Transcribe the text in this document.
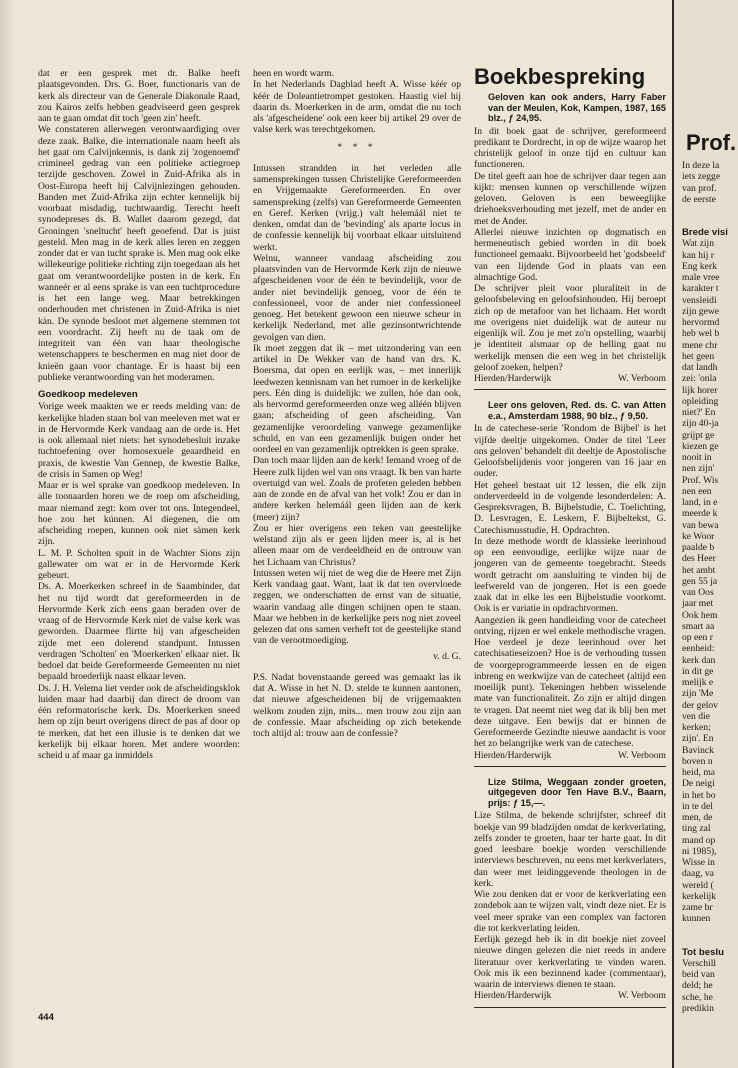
dat er een gesprek met dr. Balke heeft plaatsgevonden. Drs. G. Boer, functionaris van de kerk als directeur van de Generale Diakonale Raad, zou Kairos zelfs hebben geadviseerd geen gesprek aan te gaan omdat dit toch 'geen zin' heeft.

We constateren allerwegen verontwaardiging over deze zaak. Balke, die internationale naam heeft als het gaat om Calvijnkennis, is dank zij 'zogenoemd' crimineel gedrag van een politieke actiegroep terzijde geschoven. Zowel in Zuid-Afrika als in Oost-Europa heeft hij Calvijnlezingen gehouden. Banden met Zuid-Afrika zijn echter kennelijk bij voorbaat misdadig, tuchtwaardig. Terecht heeft synodepreses ds. B. Wallet daarom gezegd, dat Groningen 'sneltucht' heeft geoefend. Dat is juist gesteld. Men mag in de kerk alles leren en zeggen zonder dat er van tucht sprake is. Men mag ook elke willekeurige politieke richting zijn toegedaan als het gaat om verantwoordelijke posten in de kerk. En wanneér er al eens sprake is van een tuchtprocedure is het een lange weg. Maar betrekkingen onderhouden met christenen in Zuid-Afrika is niet kàn. De synode besloot met algemene stemmen tot een voordracht. Zij heeft nu de taak om de integriteit van één van haar theologische wetenschappers te beschermen en mag niet door de knieën gaan voor chantage. Er is haast bij een publieke verantwoording van het moderamen.

Goedkoop medeleven

Vorige week maakten we er reeds melding van: de kerkelijke bladen staan bol van meeleven met wat er in de Hervormde Kerk vandaag aan de orde is. Het is ook allemaal niet niets: het synodebesluit inzake tuchtoefening over homosexuele geaardheid en praxis, de kwestie Van Gennep, de kwestie Balke, de crisis in Samen op Weg!

Maar er is wel sprake van goedkoop medeleven. In alle toonaarden horen we de roep om afscheiding, maar niemand zegt: kom over tot ons. Integendeel, hoe zou het kúnnen. Al diegenen, die om afscheiding roepen, kunnen ook niet sàmen kerk zijn.

L. M. P. Scholten spuit in de Wachter Sions zijn gallewater om wat er in de Hervormde Kerk gebeurt.

Ds. A. Moerkerken schreef in de Saambinder, dat het nu tijd wordt dat gereformeerden in de Hervormde Kerk zich eens gaan beraden over de vraag of de Hervormde Kerk niet de valse kerk was geworden. Daarmee flirtte hij van afgescheiden zijde met een dolerend standpunt. Intussen verdragen 'Scholten' en 'Moerkerken' elkaar niet. Ik bedoel dat beide Gereformeerde Gemeenten nu niet bepaald broederlijk naast elkaar leven.

Ds. J. H. Velema liet verder ook de afscheidingsklok luiden maar had daarbij dan direct de droom van één reformatorische kerk. Ds. Moerkerken sneed hem op zijn beurt overigens direct de pas af door op te merken, dat het een illusie is te denken dat we kerkelijk bij elkaar horen. Met andere woorden: scheid u af maar ga inmiddels

heen en wordt warm.

In het Nederlands Dagblad heeft A. Wisse kéér op kéér de Doleantietrompet gestoken. Haastig viel hij daarin ds. Moerkerken in de arm, omdat die nu toch als 'afgescheidene' ook een keer bij artikel 29 over de valse kerk was terechtgekomen.

* * *

Intussen strandden in het verleden alle samensprekingen tussen Christelijke Gereformeerden en Vrijgemaakte Gereformeerden. En over samenspreking (zelfs) van Gereformeerde Gemeenten en Geref. Kerken (vrijg.) valt helemáál niet te denken, omdat dan de 'bevinding' als aparte locus in de confessie kennelijk bij voorbaat elkaar uitsluitend werkt.

Welnu, wanneer vandaag afscheiding zou plaatsvinden van de Hervormde Kerk zijn de nieuwe afgescheidenen voor de één te bevindelijk, voor de ander niet bevindelijk genoeg, voor de één te confessioneel, voor de ander niet confessioneel genoeg. Het betekent gewoon een nieuwe scheur in kerkelijk Nederland, met alle gezinsontwrichtende gevolgen van dien.

Ik moet zeggen dat ik – met uitzondering van een artikel in De Wekker van de hand van drs. K. Boersma, dat open en eerlijk was, – met innerlijk leedwezen kennisnam van het rumoer in de kerkelijke pers. Eén ding is duidelijk: we zullen, hóe dan ook, als hervormd gereformeerden onze weg alléén blijven gaan; afscheiding of geen afscheiding. Van gezamenlijke veroordeling vanwege gezamenlijke schuld, en van een gezamenlijk buigen onder het oordeel en van gezamenlijk optrekken is geen sprake.

Dan toch maar lijden aan de kerk! Iemand vroeg of de Heere zulk lijden wel van ons vraagt. Ik ben van harte overtuigd van wel. Zoals de profeten geleden hebben aan de zonde en de afval van het volk! Zou er dan in andere kerken helemáál geen lijden aan de kerk (meer) zijn?

Zou er hier overigens een teken van geestelijke welstand zijn als er geen lijden meer is, al is het alleen maar om de verdeeldheid en de ontrouw van het Lichaam van Christus?

Intussen weten wij niet de weg die de Heere met Zijn Kerk vandaag gaat. Want, laat ik dat ten overvloede zeggen, we onderschatten de ernst van de situatie, waarin vandaag alle dingen schijnen open te staan. Maar we hebben in de kerkelijke pers nog niet zoveel gelezen dat ons samen verheft tot de geestelijke stand van de verootmoediging.

v. d. G.

P.S. Nadat bovenstaande gereed was gemaakt las ik dat A. Wisse in het N. D. stelde te kunnen aantonen, dat nieuwe afgescheidenen bij de vrijgemaakten welkom zouden zijn, mits... men trouw zou zijn aan de confessie. Maar afscheiding op zich betekende toch altijd al: trouw aan de confessie?

Boekbespreking
Geloven kan ook anders, Harry Faber van der Meulen, Kok, Kampen, 1987, 165 blz., ƒ 24,95.

In dit boek gaat de schrijver, gereformeerd predikant te Dordrecht, in op de wijze waarop het christelijk geloof in onze tijd en cultuur kan functioneren.

De titel geeft aan hoe de schrijver daar tegen aan kijkt: mensen kunnen op verschillende wijzen geloven. Geloven is een beweeglijke driehoeksverhouding met jezelf, met de ander en met de Ander.

Allerlei nieuwe inzichten op dogmatisch en hermeneutisch gebied worden in dit boek functioneel gemaakt. Bijvoorbeeld het 'godsbeeld' van een lijdende God in plaats van een almachtige God.

De schrijver pleit voor pluraliteit in de geloofsbeleving en geloofsinhouden. Hij beroept zich op de metafoor van het lichaam. Het wordt me overigens niet duidelijk wat de auteur nu eigenlijk wil. Zou je met zo'n opstelling, waarbij je identiteit alsmaar op de helling gaat nu werkelijk mensen die een weg in het christelijk geloof zoeken, helpen?

Hierden/Harderwijk	W. Verboom
Leer ons geloven, Red. ds. C. van Atten e.a., Amsterdam 1988, 90 blz., ƒ 9,50.

In de catechese-serie 'Rondom de Bijbel' is het vijfde deeltje uitgekomen. Onder de titel 'Leer ons geloven' behandelt dit deeltje de Apostolische Geloofsbelijdenis voor jongeren van 16 jaar en ouder.

Het geheel bestaat uit 12 lessen, die elk zijn onderverdeeld in de volgende lesonderdelen: A. Gespreksvragen, B. Bijbelstudie, C. Toelichting, D. Lesvragen, E. Leskern, F. Bijbeltekst, G. Catechismusstudie, H. Opdrachten.

In deze methode wordt de klassieke leerinhoud op een eenvoudige, eerlijke wijze naar de jongeren van de gemeente toegebracht. Steeds wordt getracht om aansluiting te vinden bij de leefwereld van de jongeren. Het is een goede zaak dat in elke les een Bijbelstudie voorkomt. Ook is er variatie in opdrachtvormen.

Aangezien ik geen handleiding voor de catecheet ontving, rijzen er wel enkele methodische vragen. Hoe verdeel je deze leerinhoud over het catechisatieseizoen? Hoe is de verhouding tussen de voorgeprogrammeerde lessen en de eigen inbreng en werkwijze van de catecheet (altijd een moeilijk punt). Tekeningen hebben wisselende mate van functionaliteit. Zo zijn er altijd dingen te vragen. Dat neemt niet weg dat ik blij ben met deze uitgave. Een bewijs dat er binnen de Gereformeerde Gezindte nieuwe aandacht is voor het zo belangrijke werk van de catechese.

Hierden/Harderwijk	W. Verboom
Lize Stilma, Weggaan zonder groeten, uitgegeven door Ten Have B.V., Baarn, prijs: ƒ 15,—.

Lize Stilma, de bekende schrijfster, schreef dit boekje van 99 bladzijden omdat de kerkverlating, zelfs zonder te groeten, haar ter harte gaat. In dit goed leesbare boekje worden verschillende interviews beschreven, nu eens met kerkverlaters, dan weer met leidinggevende theologen in de kerk.

Wie zou denken dat er voor de kerkverlating een zondebok aan te wijzen valt, vindt deze niet. Er is veel meer sprake van een complex van factoren die tot kerkverlating leiden.

Eerlijk gezegd heb ik in dit boekje niet zoveel nieuwe dingen gelezen die niet reeds in andere literatuur over kerkverlating te vinden waren. Ook mis ik een bezinnend kader (commentaar), waarin de interviews dienen te staan.

Hierden/Harderwijk	W. Verboom
444
Prof.
In deze la
iets zegge
van prof.
de eerste
Brede visi
Wat zijn
kan hij r
Eng kerk
male vree
karakter t
vensleidi
zijn gewe
hervormd
heb wel b
mene chr
het geen
dat landh
zei: 'onla
lijk horer
opleiding
niet?' En
zijn 40-ja
grijpt ge
kiezen ge
nooit in
nen zijn'
Prof. Wis
nen een
land, in e
meerde k
van bewa
ke Woor
paalde b
des Heer
het ambt
gen 55 ja
van Oos
jaar met
Ook hem
smart aa
op een r
eenheid:
kerk dan
in dit ge
melijk e
zijn 'Me
der gelov
ven die
kerken;
zijn'. En
Bavinck
boven n
heid, ma
De neigi
in het bo
in te del
men, de
ting zal
mand op
ni 1985),
Wisse in
daag, va
wereld (
kerkelijk
zame br
kunnen
Tot beslu
Verschill
beid van
deld; he
sche, he
predikin
